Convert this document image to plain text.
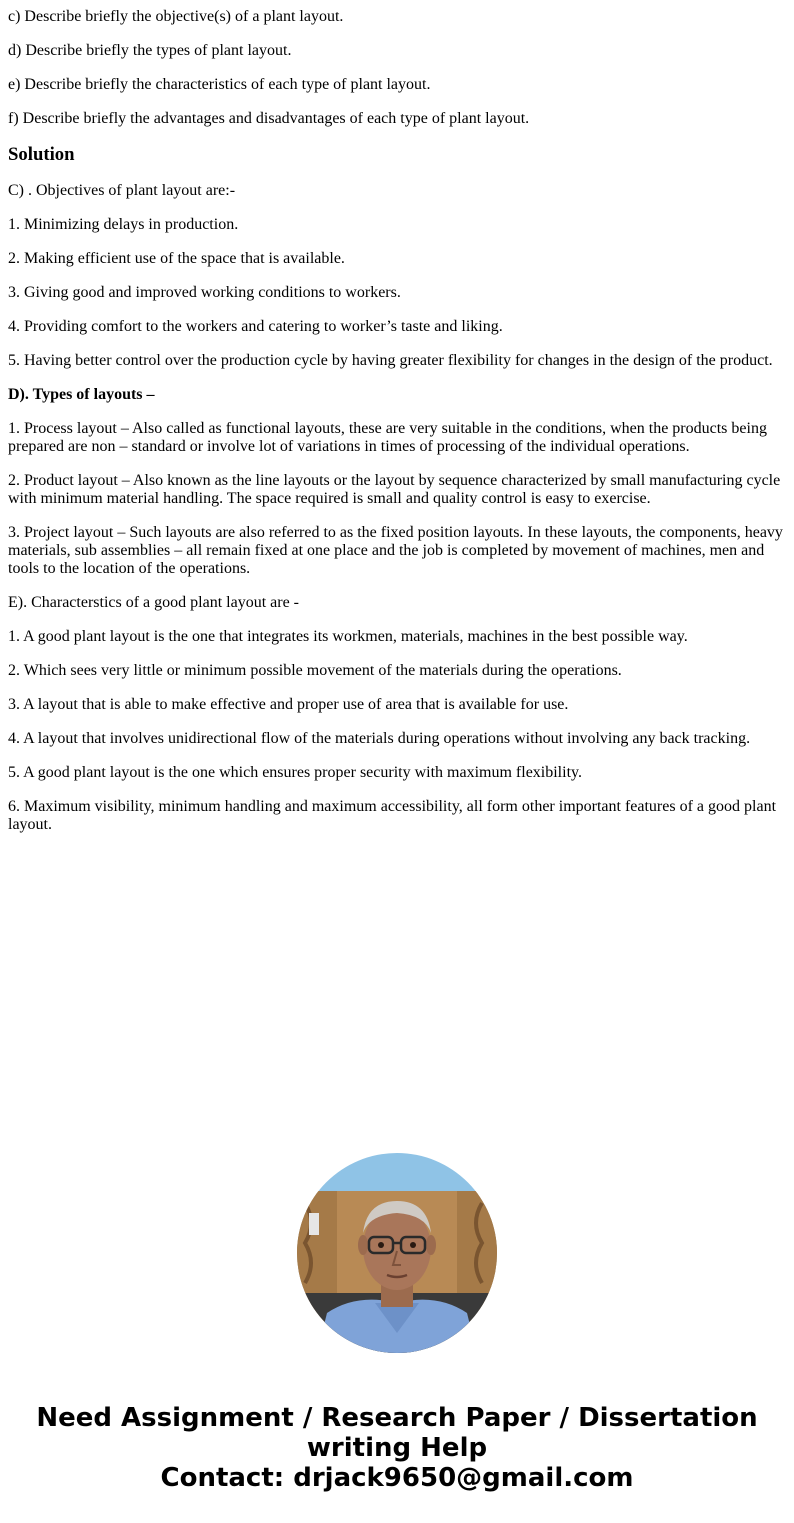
c) Describe briefly the objective(s) of a plant layout.

d) Describe briefly the types of plant layout.

e) Describe briefly the characteristics of each type of plant layout.

f) Describe briefly the advantages and disadvantages of each type of plant layout.

Solution

C) . Objectives of plant layout are:-

1. Minimizing delays in production.

2. Making efficient use of the space that is available.

3. Giving good and improved working conditions to workers.

4. Providing comfort to the workers and catering to worker’s taste and liking.

5. Having better control over the production cycle by having greater flexibility for changes in the design of the product.

D). Types of layouts –

1. Process layout – Also called as functional layouts, these are very suitable in the conditions, when the products being prepared are non – standard or involve lot of variations in times of processing of the individual operations.

2. Product layout – Also known as the line layouts or the layout by sequence characterized by small manufacturing cycle with minimum material handling. The space required is small and quality control is easy to exercise.

3. Project layout – Such layouts are also referred to as the fixed position layouts. In these layouts, the components, heavy materials, sub assemblies – all remain fixed at one place and the job is completed by movement of machines, men and tools to the location of the operations.

E). Characterstics of a good plant layout are -

1. A good plant layout is the one that integrates its workmen, materials, machines in the best possible way.

2. Which sees very little or minimum possible movement of the materials during the operations.

3. A layout that is able to make effective and proper use of area that is available for use.

4. A layout that involves unidirectional flow of the materials during operations without involving any back tracking.

5. A good plant layout is the one which ensures proper security with maximum flexibility.

6. Maximum visibility, minimum handling and maximum accessibility, all form other important features of a good plant layout.

Need Assignment / Research Paper / Dissertation
writing Help
Contact: drjack9650@gmail.com
